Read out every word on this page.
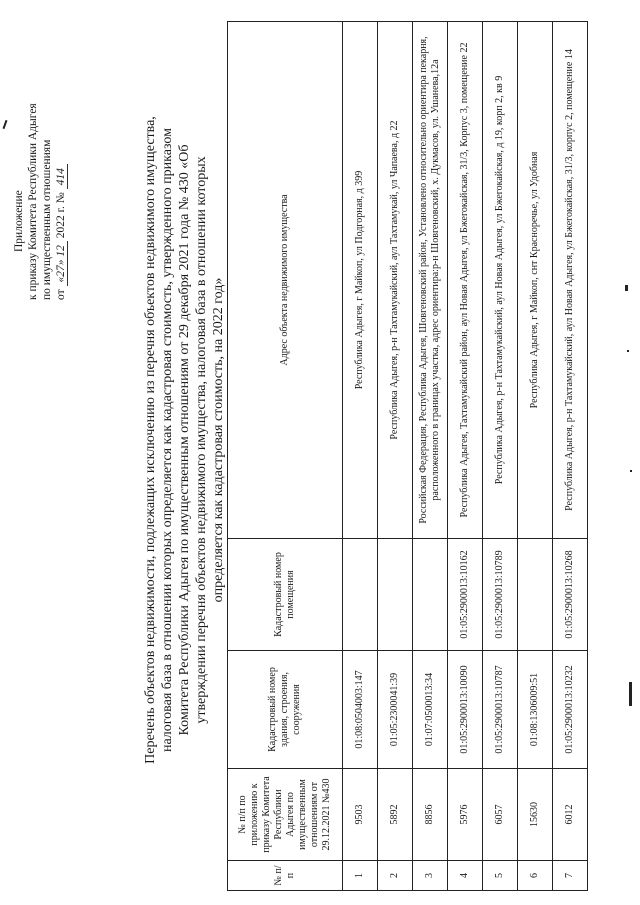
Приложение к приказу Комитета Республики Адыгея по имущественным отношениям от «27» 12 2022 г. № 414	Перечень объектов недвижимости, подлежащих исключению из перечня объектов недвижимого имущества, налоговая база в отношении которых определяется как кадастровая стоимость, утвержденного приказом Комитета Республики Адыгея по имущественным отношениям от 29 декабря 2021 года № 430 «Об утверждении перечня объектов недвижимого имущества, налоговая база в отношении которых определяется как кадастровая стоимость, на 2022 год»
№ п/п	№ п/п по приложению к приказу Комитета Республики Адыгея по имущественным отношениям от 29.12.2021 №430	Кадастровый номер здания, строения, сооружения	Кадастровый номер помещения	Адрес объекта недвижимого имущества
1	9503	01:08:0504003:147		Республика Адыгея, г Майкоп, ул Подгорная, д 399
2	5892	01:05:2300041:39		Республика Адыгея, р-н Тахтамукайский, аул Тахтамукай, ул Чапаева, д 22
3	8856	01:07:0500013:34		Российская Федерация, Республика Адыгея, Шовгеновский район, Установлено относительно ориентира пекарня, расположенного в границах участка, адрес ориентира:р-н Шовгеновский, х. Дукмасов, ул. Ушанева,12а
4	5976	01:05:2900013:10090	01:05:2900013:10162	Республика Адыгея, Тахтамукайский район, аул Новая Адыгея, ул Бжегокайская, 31/3, Корпус 3, помещение 22
5	6057	01:05:2900013:10787	01:05:2900013:10789	Республика Адыгея, р-н Тахтамукайский, аул Новая Адыгея, ул Бжегокайская, д 19, корп 2, кв 9
6	15630	01:08:1306009:51		Республика Адыгея, г Майкоп, снт Красноречье, ул Удобная
7	6012	01:05:2900013:10232	01:05:2900013:10268	Республика Адыгея, р-н Тахтамукайский, аул Новая Адыгея, ул Бжегокайская, 31/3, корпус 2, помещение 14
